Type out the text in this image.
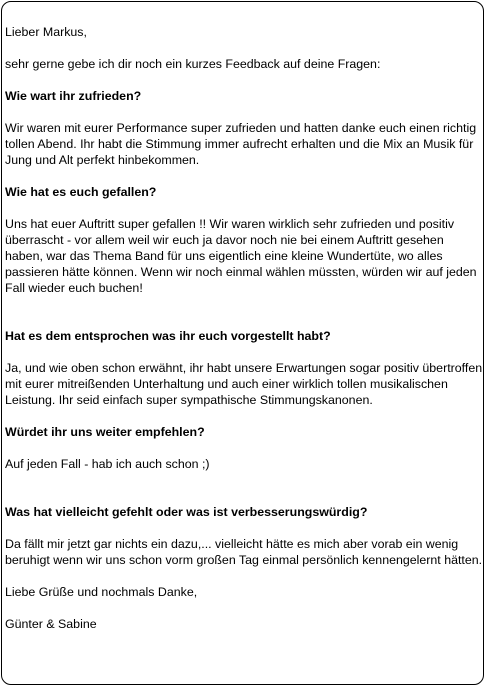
Lieber Markus,

sehr gerne gebe ich dir noch ein kurzes Feedback auf deine Fragen:

Wie wart ihr zufrieden?

Wir waren mit eurer Performance super zufrieden und hatten danke euch einen richtig tollen Abend. Ihr habt die Stimmung immer aufrecht erhalten und die Mix an Musik für Jung und Alt perfekt hinbekommen.

Wie hat es euch gefallen?

Uns hat euer Auftritt super gefallen !! Wir waren wirklich sehr zufrieden und positiv überrascht - vor allem weil wir euch ja davor noch nie bei einem Auftritt gesehen haben, war das Thema Band für uns eigentlich eine kleine Wundertüte, wo alles passieren hätte können. Wenn wir noch einmal wählen müssten, würden wir auf jeden Fall wieder euch buchen!

Hat es dem entsprochen was ihr euch vorgestellt habt?

Ja, und wie oben schon erwähnt, ihr habt unsere Erwartungen sogar positiv übertroffen mit eurer mitreißenden Unterhaltung und auch einer wirklich tollen musikalischen Leistung. Ihr seid einfach super sympathische Stimmungskanonen.

Würdet ihr uns weiter empfehlen?

Auf jeden Fall - hab ich auch schon ;)

Was hat vielleicht gefehlt oder was ist verbesserungswürdig?

Da fällt mir jetzt gar nichts ein dazu,... vielleicht hätte es mich aber vorab ein wenig beruhigt wenn wir uns schon vorm großen Tag einmal persönlich kennengelernt hätten.

Liebe Grüße und nochmals Danke,

Günter & Sabine
